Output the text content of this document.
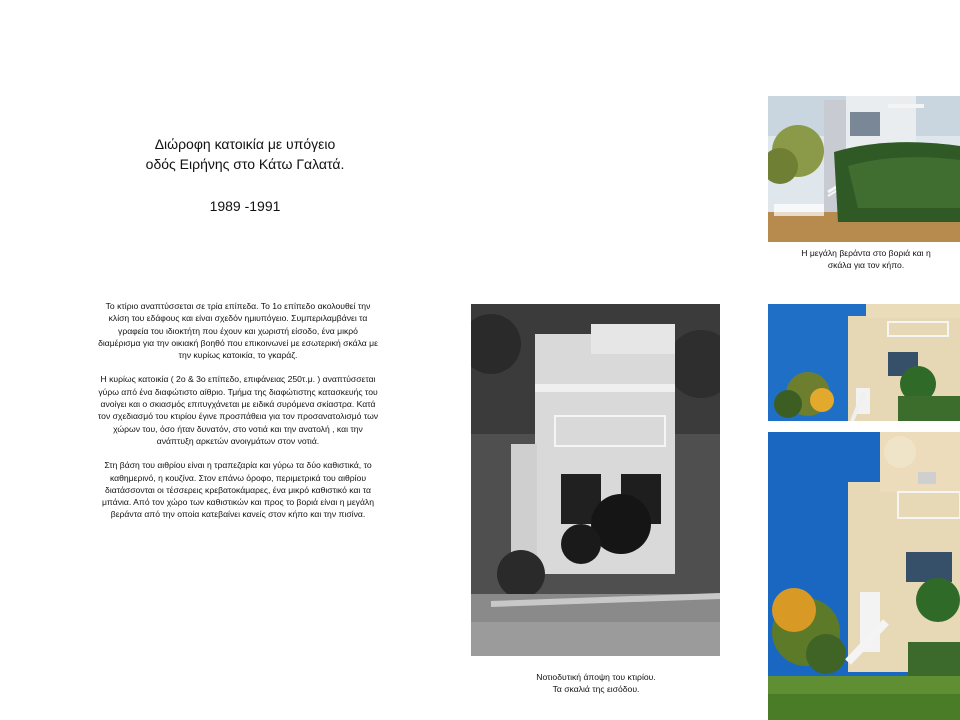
Διώροφη κατοικία με υπόγειο
οδός Ειρήνης στο Κάτω Γαλατά.
1989 -1991

Το κτίριο αναπτύσσεται σε τρία επίπεδα. Το 1ο επίπεδο ακολουθεί την κλίση του εδάφους και είναι σχεδόν ημιυπόγειο. Συμπεριλαμβάνει τα γραφεία του ιδιοκτήτη που έχουν και χωριστή είσοδο, ένα μικρό διαμέρισμα για την οικιακή βοηθό που επικοινωνεί με εσωτερική σκάλα με την κυρίως κατοικία, το γκαράζ.

Η κυρίως κατοικία ( 2ο & 3ο επίπεδο, επιφάνειας 250τ.μ. ) αναπτύσσεται γύρω από ένα διαφώτιστο αίθριο. Τμήμα της διαφώτιστης κατασκευής του ανοίγει και ο σκιασμός επιτυγχάνεται με ειδικά συρόμενα σκίαστρα. Κατά τον σχεδιασμό του κτιρίου έγινε προσπάθεια για τον προσανατολισμό των χώρων του, όσο ήταν δυνατόν, στο νοτιά και την ανατολή , και την ανάπτυξη αρκετών ανοιγμάτων στον νοτιά.

Στη βάση του αιθρίου είναι η τραπεζαρία και γύρω τα δύο καθιστικά, το καθημερινό, η κουζίνα. Στον επάνω όροφο, περιμετρικά του αιθρίου διατάσσονται οι τέσσερεις κρεβατοκάμαρες, ένα μικρό καθιστικό και τα μπάνια. Από τον χώρο των καθιστικών και προς το βοριά είναι η μεγάλη βεράντα από την οποία κατεβαίνει κανείς στον κήπο και την πισίνα.

Η μεγάλη βεράντα στο βοριά και η
σκάλα για τον κήπο.
Νοτιοδυτική άποψη του κτιρίου.
Τα σκαλιά της εισόδου.
